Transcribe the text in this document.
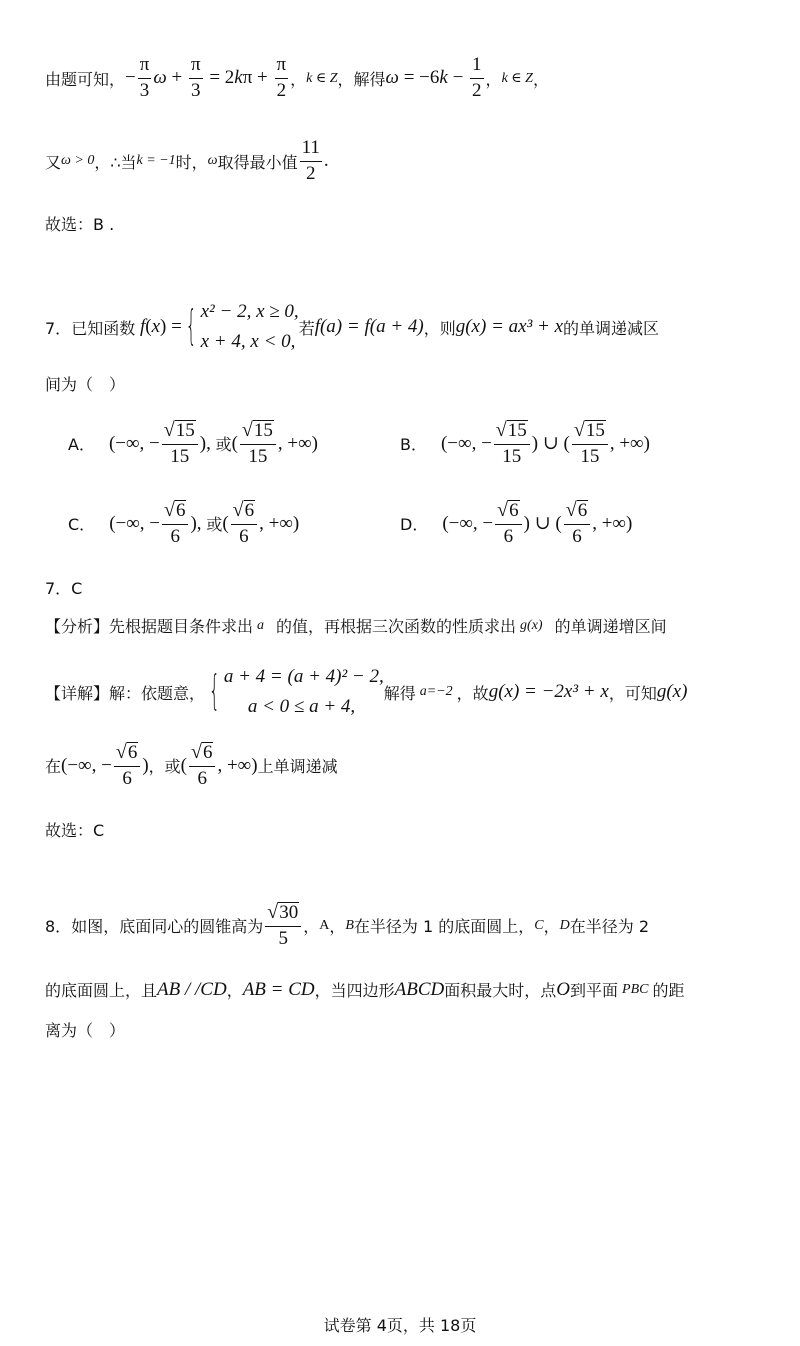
由题可知， − $\frac{\pi}{3}$ $\omega + \frac{\pi}{3} = 2k\pi + \frac{\pi}{2}$ ， k ∈ Z ，解得 $\omega = -6k - \frac{1}{2}$ ， k ∈ Z ，
又 ω > 0 ，∴当 k = −1 时， ω 取得最小值 $\frac{11}{2}$ .
故选：B .
7． 已知函数 f ( x ) = { x² − 2, x ≥ 0,
x + 4, x < 0,
若 f(a) = f(a + 4) ，则 g(x) = ax³ + x 的单调递减区
间为（　）
A． (−∞, − $\frac{√ 15}{15}$ ), 或 ( $\frac{√ 15}{15}$ , +∞)	B． (−∞, − $\frac{√ 15}{15}$ ) ∪ ( $\frac{√ 15}{15}$ , +∞)
C． (−∞, − $\frac{√ 6}{6}$ ), 或 ( $\frac{√ 6}{6}$ , +∞)	D． (−∞, − $\frac{√ 6}{6}$ ) ∪ ( $\frac{√ 6}{6}$ , +∞)
7．C
【分析】 先根据题目条件求出 a 的值，再根据三次函数的性质求出 g(x) 的单调递增区间
【详解】 解：依题意， { a + 4 = (a + 4)² − 2,
a < 0 ≤ a + 4,
解得 a=−2 ，故 g(x) = −2x³ + x ，可知 g(x)
在 (−∞, − $\frac{√ 6}{6}$ ) ，或 ( $\frac{√ 6}{6}$ , +∞) 上单调递减
故选：C
8． 如图，底面同心的圆锥高为 $\frac{√ 30}{5}$ ， A ， B 在半径为 1 的底面圆上， C ， D 在半径为 2
的底面圆上，且 AB / /CD ， AB = CD ，当四边形 ABCD 面积最大时，点 O 到平面 PBC 的距
离为（　）
试卷第 4页，共 18页
